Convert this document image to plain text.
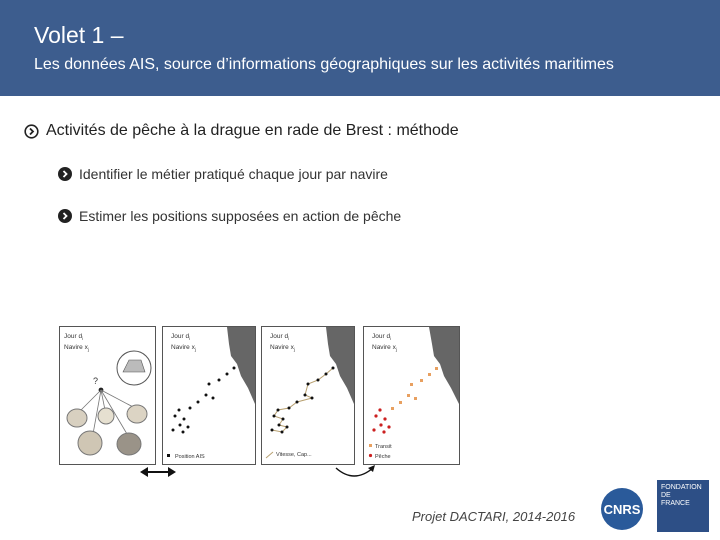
Volet 1 –
Les données AIS, source d’informations géographiques sur les activités maritimes
Activités de pêche à la drague en rade de Brest : méthode
Identifier le métier pratiqué chaque jour par navire
Estimer les positions supposées en action de pêche
Jour $d_i$
Navire $x_j$
?
Jour $d_i$
Navire $x_j$
Position AIS
Jour $d_i$
Navire $x_j$
Vitesse, Cap...
Jour $d_i$
Navire $x_j$
Transit
Pêche
Projet DACTARI, 2014-2016 CNRS
FONDATION
DE
FRANCE
